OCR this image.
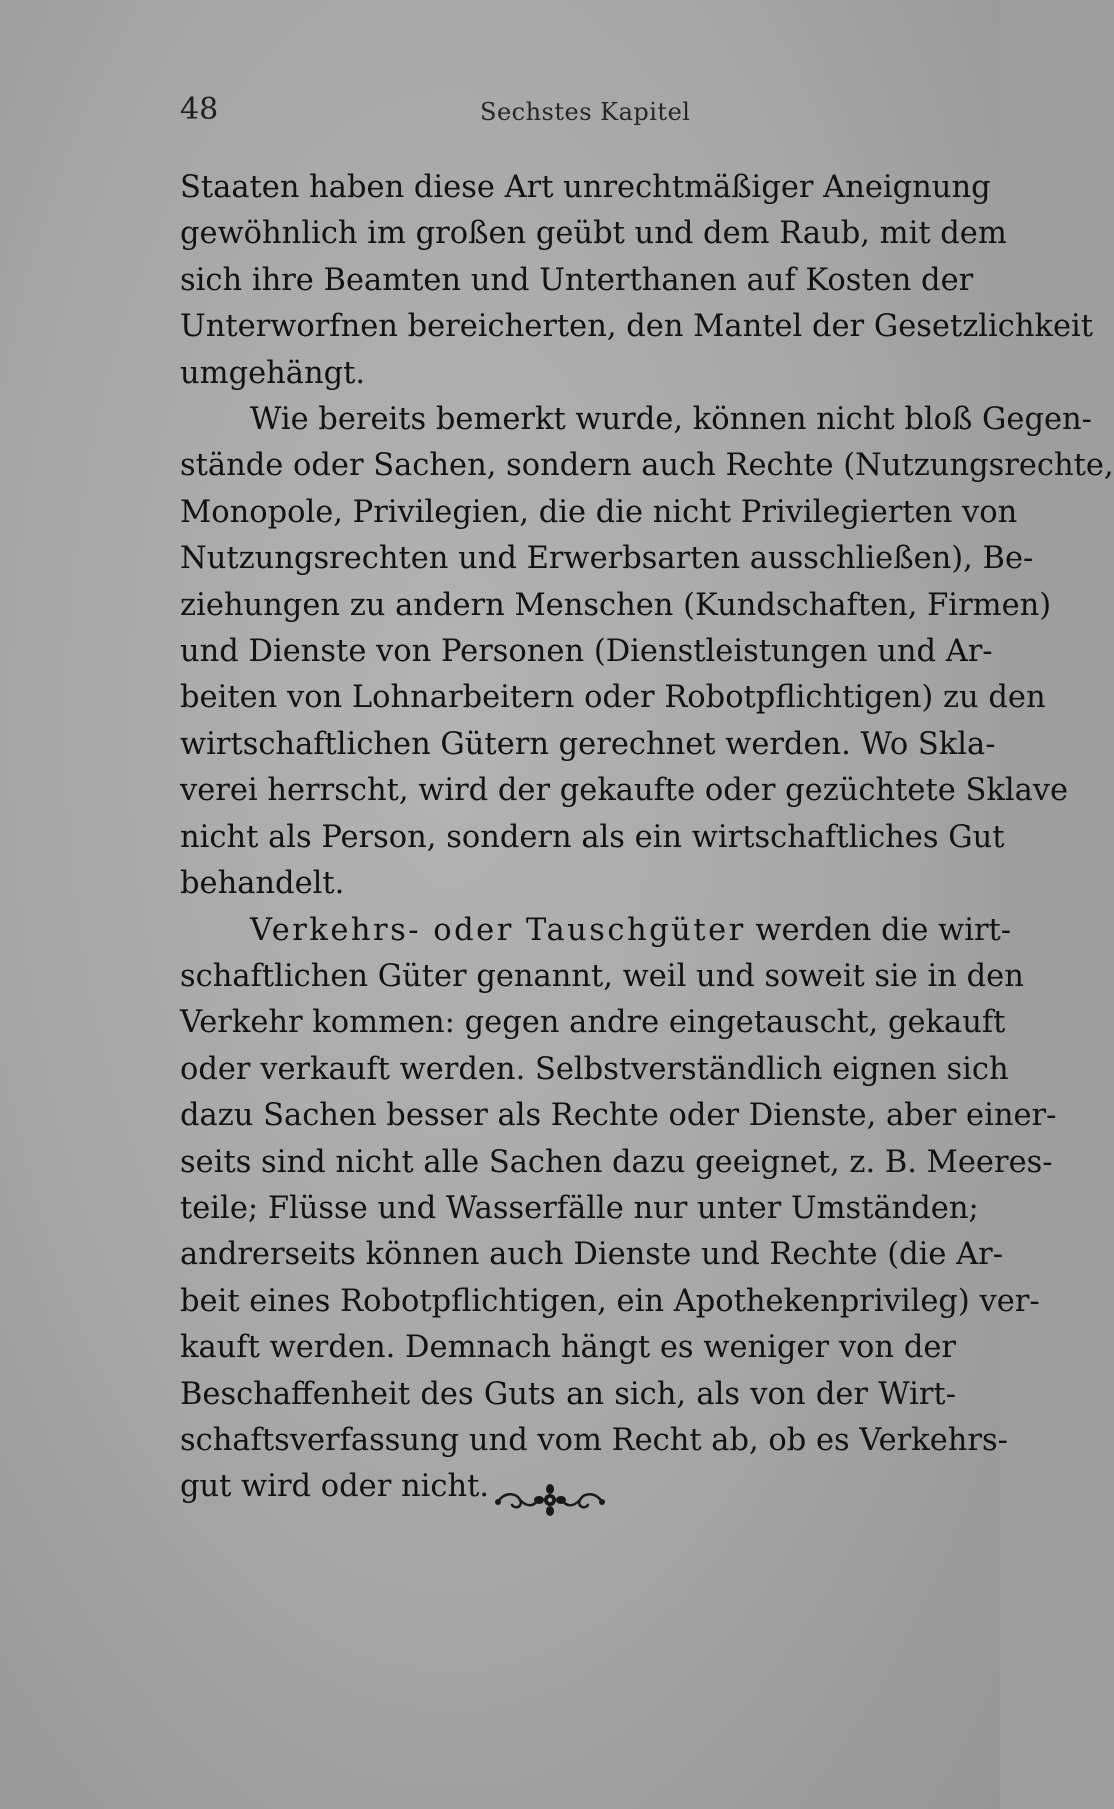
48	Sechstes Kapitel

Staaten haben diese Art unrechtmäßiger Aneignung
gewöhnlich im großen geübt und dem Raub, mit dem
sich ihre Beamten und Unterthanen auf Kosten der
Unterworfnen bereicherten, den Mantel der Gesetzlichkeit
umgehängt.

Wie bereits bemerkt wurde, können nicht bloß Gegen-
stände oder Sachen, sondern auch Rechte (Nutzungsrechte,
Monopole, Privilegien, die die nicht Privilegierten von
Nutzungsrechten und Erwerbsarten ausschließen), Be-
ziehungen zu andern Menschen (Kundschaften, Firmen)
und Dienste von Personen (Dienstleistungen und Ar-
beiten von Lohnarbeitern oder Robotpflichtigen) zu den
wirtschaftlichen Gütern gerechnet werden. Wo Skla-
verei herrscht, wird der gekaufte oder gezüchtete Sklave
nicht als Person, sondern als ein wirtschaftliches Gut
behandelt.

Verkehrs- oder Tauschgüter werden die wirt-
schaftlichen Güter genannt, weil und soweit sie in den
Verkehr kommen: gegen andre eingetauscht, gekauft
oder verkauft werden. Selbstverständlich eignen sich
dazu Sachen besser als Rechte oder Dienste, aber einer-
seits sind nicht alle Sachen dazu geeignet, z. B. Meeres-
teile; Flüsse und Wasserfälle nur unter Umständen;
andrerseits können auch Dienste und Rechte (die Ar-
beit eines Robotpflichtigen, ein Apothekenprivileg) ver-
kauft werden. Demnach hängt es weniger von der
Beschaffenheit des Guts an sich, als von der Wirt-
schaftsverfassung und vom Recht ab, ob es Verkehrs-
gut wird oder nicht.
